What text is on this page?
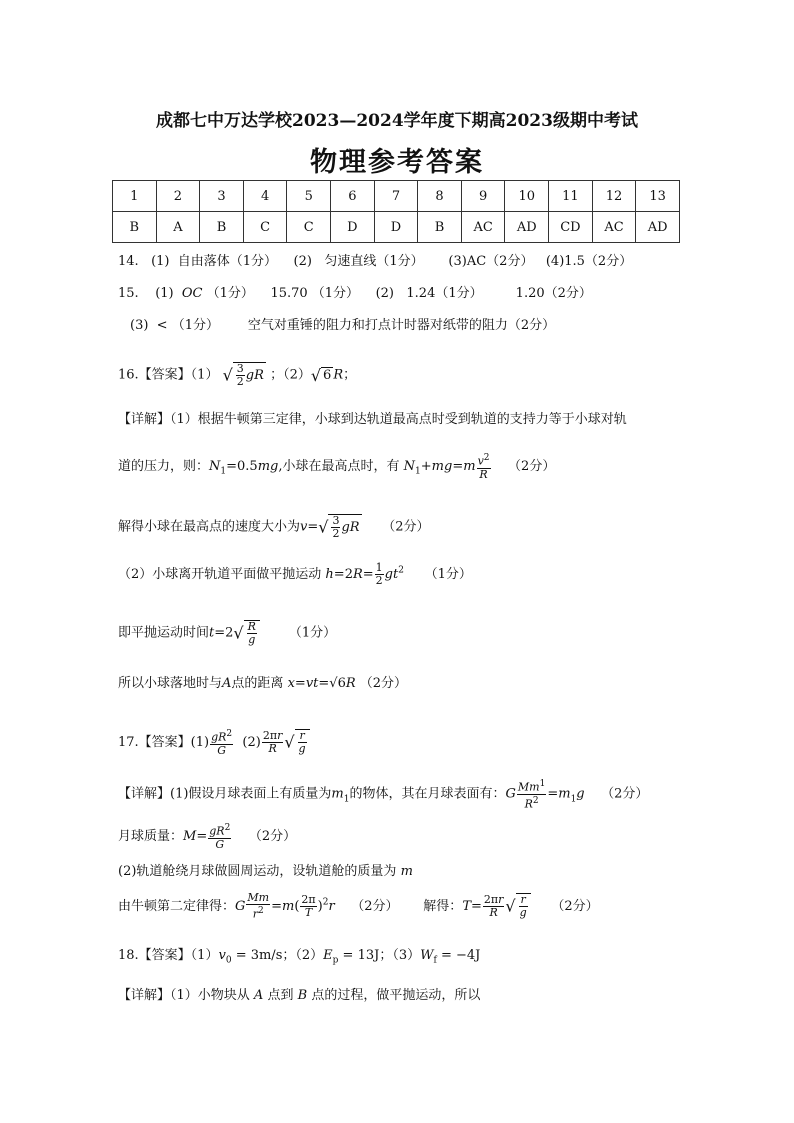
成都七中万达学校2023—2024学年度下期高2023级期中考试
物理参考答案
1	2	3	4	5	6	7	8	9	10	11	12	13
B	A	B	C	C	D	D	B	AC	AD	CD	AC	AD
14.   (1)  自由落体（1分）    (2)   匀速直线（1分）      (3)AC（2分）   (4)1.5（2分）
15.    (1)  OC （1分）    15.70 （1分）    (2)   1.24（1分）        1.20（2分）
(3)  < （1分）       空气对重锤的阻力和打点计时器对纸带的阻力（2分）
16.【答案】（1） √ $\frac{3}{2}$ gR ；（2）√ 6 R；
【详解】（1）根据牛顿第三定律，小球到达轨道最高点时受到轨道的支持力等于小球对轨
道的压力，则：$N_1=0.5mg$,小球在最高点时，有 $N_1+mg=m \frac{v^2}{R} (2$分）
解得小球在最高点的速度大小为$v=√ \frac{3}{2}$ gR （2分）
（2）小球离开轨道平面做平抛运动 $h=2R= \frac{1}{2} gt^2$ （1分）
即平抛运动时间$t=2√ \frac{R}{g} (1$分）
所以小球落地时与A点的距离 x=vt=√6R （2分）
17.【答案】$(1) \frac{gR^2}{G} (2) \frac{2\pi r}{R}$ √ $\frac{r}{g}$
【详解】(1)假设月球表面上有质量为$m_1$的物体，其在月球表面有：G $\frac{Mm^1}{R^2} =m_1g$ （2分）
月球质量：$M= \frac{gR^2}{G} (2$分）
(2)轨道舱绕月球做圆周运动，设轨道舱的质量为 m
由牛顿第二定律得：G $\frac{Mm}{r^2} =m( \frac{2\pi}{T} )^2r$ （2分） 解得：$T= \frac{2\pi r}{R}$ √ $\frac{r}{g} (2$分）
18.【答案】$(1)v_0 = 3m/s$；$(2)E_p = 13J$；$(3)W_f = -4J$
【详解】（1）小物块从 A 点到 B 点的过程，做平抛运动，所以
